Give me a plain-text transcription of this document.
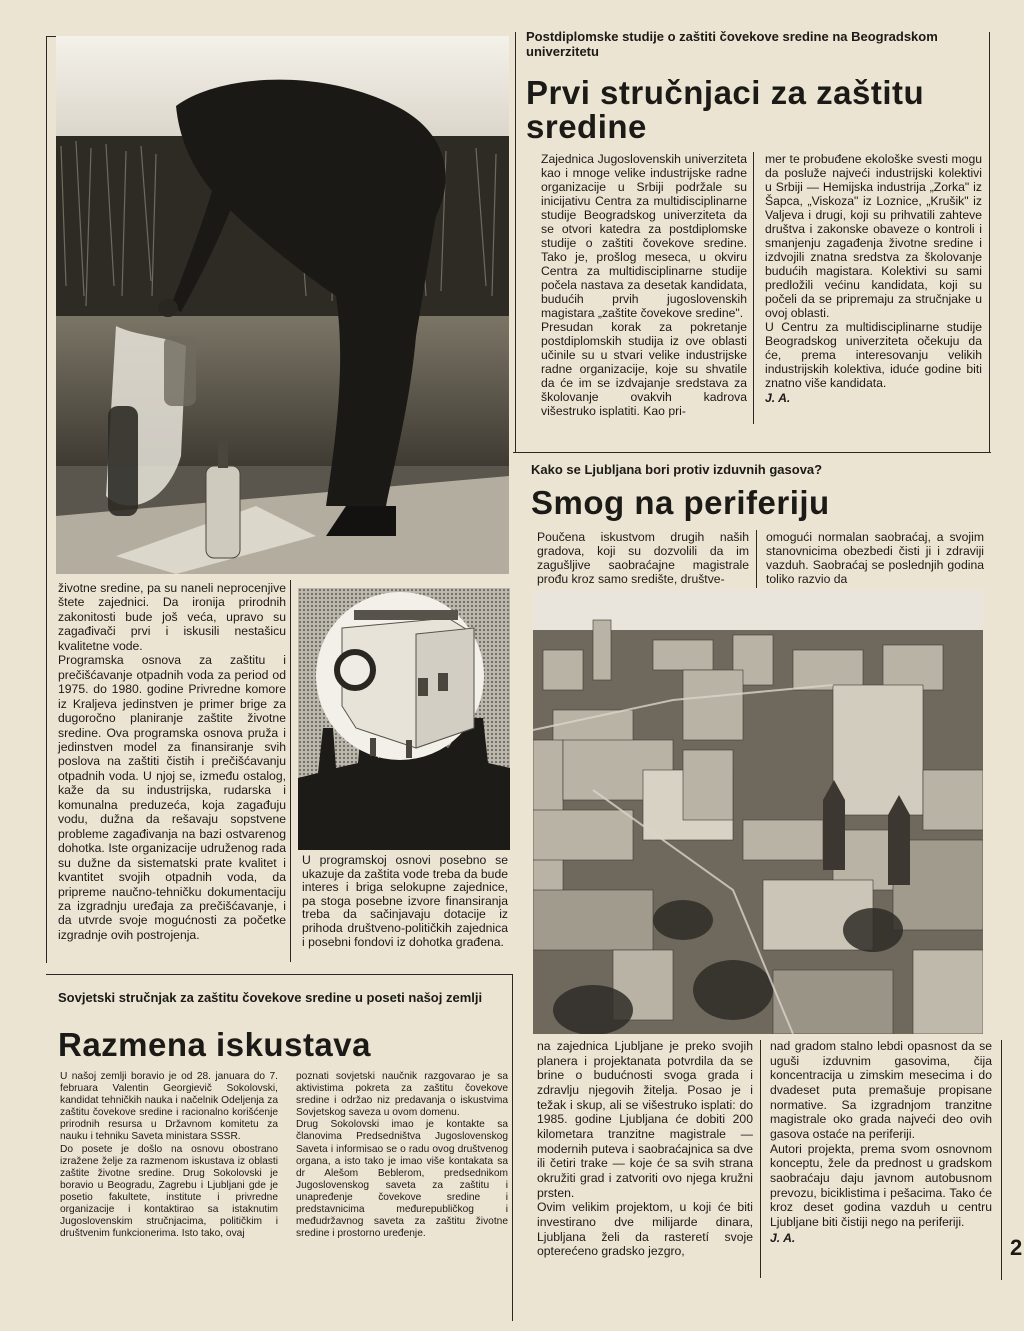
Postdiplomske studije o zaštiti čovekove sredine na Beogradskom univerzitetu
Prvi stručnjaci za zaštitu sredine
Zajednica Jugoslovenskih univerziteta kao i mnoge velike industrijske radne organizacije u Srbiji podržale su inicijativu Centra za multidisciplinarne studije Beogradskog univerziteta da se otvori katedra za postdiplomske studije o zaštiti čovekove sredine. Tako je, prošlog meseca, u okviru Centra za multidisciplinarne studije počela nastava za desetak kandidata, budućih prvih jugoslovenskih magistara „zaštite čovekove sredine".
Presudan korak za pokretanje postdiplomskih studija iz ove oblasti učinile su u stvari velike industrijske radne organizacije, koje su shvatile da će im se izdvajanje sredstava za školovanje ovakvih kadrova višestruko isplatiti. Kao pri-
mer te probuđene ekološke svesti mogu da posluže najveći industrijski kolektivi u Srbiji — Hemijska industrija „Zorka" iz Šapca, „Viskoza" iz Loznice, „Krušik" iz Valjeva i drugi, koji su prihvatili zahteve društva i zakonske obaveze o kontroli i smanjenju zagađenja životne sredine i izdvojili znatna sredstva za školovanje budućih magistara. Kolektivi su sami predložili većinu kandidata, koji su počeli da se pripremaju za stručnjake u ovoj oblasti.
U Centru za multidisciplinarne studije Beogradskog univerziteta očekuju da će, prema interesovanju velikih industrijskih kolektiva, iduće godine biti znatno više kandidata.
J. A.
životne sredine, pa su naneli neprocenjive štete zajednici. Da ironija prirodnih zakonitosti bude još veća, upravo su zagađivači prvi i iskusili nestašicu kvalitetne vode.
Programska osnova za zaštitu i prečišćavanje otpadnih voda za period od 1975. do 1980. godine Privredne komore iz Kraljeva jedinstven je primer brige za dugoročno planiranje zaštite životne sredine. Ova programska osnova pruža i jedinstven model za finansiranje svih poslova na zaštiti čistih i prečišćavanju otpadnih voda. U njoj se, između ostalog, kaže da su industrijska, rudarska i komunalna preduzeća, koja zagađuju vodu, dužna da rešavaju sopstvene probleme zagađivanja na bazi ostvarenog dohotka. Iste organizacije udruženog rada su dužne da sistematski prate kvalitet i kvantitet svojih otpadnih voda, da pripreme naučno-tehničku dokumentaciju za izgradnju uređaja za prečišćavanje, i da utvrde svoje mogućnosti za početke izgradnje ovih postrojenja.
U programskoj osnovi posebno se ukazuje da zaštita vode treba da bude interes i briga selokupne zajednice, pa stoga posebne izvore finansiranja treba da sačinjavaju dotacije iz prihoda društveno-političkih zajednica i posebni fondovi iz dohotka građena.
Kako se Ljubljana bori protiv izduvnih gasova?
Smog na periferiju
Poučena iskustvom drugih naših gradova, koji su dozvolili da im zagušljive saobraćajne magistrale prođu kroz samo središte, društve-
omogući normalan saobraćaj, a svojim stanovnicima obezbedi čisti ji i zdraviji vazduh. Saobraćaj se poslednjih godina toliko razvio da
na zajednica Ljubljane je preko svojih planera i projektanata potvrdila da se brine o budućnosti svoga grada i zdravlju njegovih žitelja. Posao je i težak i skup, ali se višestruko isplati: do 1985. godine Ljubljana će dobiti 200 kilometara tranzitne magistrale — modernih puteva i saobraćajnica sa dve ili četiri trake — koje će sa svih strana okružiti grad i zatvoriti ovo njega kružni prsten.
Ovim velikim projektom, u koji će biti investirano dve milijarde dinara, Ljubljana želi da rasteretí svoje opterećeno gradsko jezgro,
nad gradom stalno lebdi opasnost da se uguši izduvnim gasovima, čija koncentracija u zimskim mesecima i do dvadeset puta premašuje propisane normative. Sa izgradnjom tranzitne magistrale oko grada najveći deo ovih gasova ostaće na periferiji.
Autori projekta, prema svom osnovnom konceptu, žele da prednost u gradskom saobraćaju daju javnom autobusnom prevozu, biciklistima i pešacima. Tako će kroz deset godina vazduh u centru Ljubljane biti čistiji nego na periferiji.
J. A.
Sovjetski stručnjak za zaštitu čovekove sredine u poseti našoj zemlji
Razmena iskustava
U našoj zemlji boravio je od 28. januara do 7. februara Valentin Georgievič Sokolovski, kandidat tehničkih nauka i načelnik Odeljenja za zaštitu čovekove sredine i racionalno korišćenje prirodnih resursa u Državnom komitetu za nauku i tehniku Saveta ministara SSSR.
Do posete je došlo na osnovu obostrano izražene želje za razmenom iskustava iz oblasti zaštite životne sredine. Drug Sokolovski je boravio u Beogradu, Zagrebu i Ljubljani gde je posetio fakultete, institute i privredne organizacije i kontaktirao sa istaknutim Jugoslovenskim stručnjacima, političkim i društvenim funkcionerima. Isto tako, ovaj
poznati sovjetski naučnik razgovarao je sa aktivistima pokreta za zaštitu čovekove sredine i održao niz predavanja o iskustvima Sovjetskog saveza u ovom domenu.
Drug Sokolovski imao je kontakte sa članovima Predsedništva Jugoslovenskog Saveta i informisao se o radu ovog društvenog organa, a isto tako je imao više kontakata sa dr Alešom Beblerom, predsednikom Jugoslovenskog saveta za zaštitu i unapređenje čovekove sredine i predstavnicima međurepubličkog i međudržavnog saveta za zaštitu životne sredine i prostorno uređenje.
2
